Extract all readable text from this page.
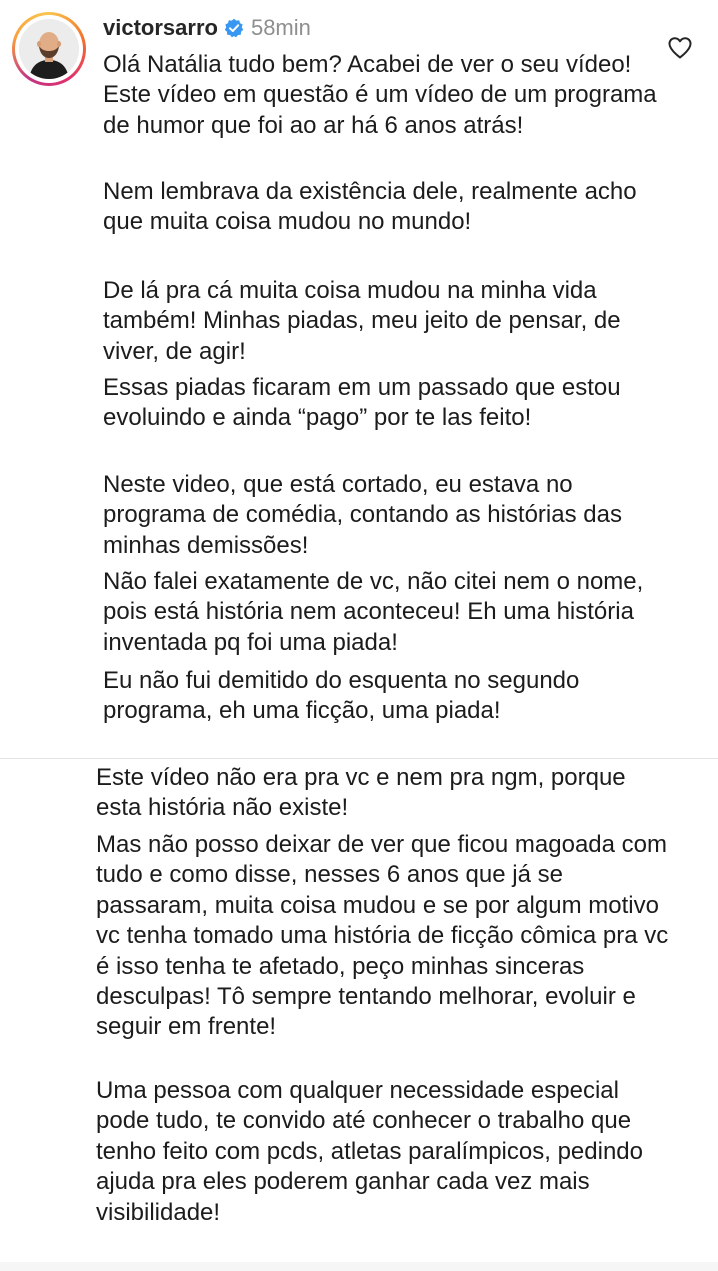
victorsarro 58min

Olá Natália tudo bem? Acabei de ver o seu vídeo! Este vídeo em questão é um vídeo de um programa de humor que foi ao ar há 6 anos atrás!

Nem lembrava da existência dele, realmente acho que muita coisa mudou no mundo!

De lá pra cá muita coisa mudou na minha vida também! Minhas piadas, meu jeito de pensar, de viver, de agir!

Essas piadas ficaram em um passado que estou evoluindo e ainda “pago” por te las feito!

Neste video, que está cortado, eu estava no programa de comédia, contando as histórias das minhas demissões!

Não falei exatamente de vc, não citei nem o nome, pois está história nem aconteceu! Eh uma história inventada pq foi uma piada!

Eu não fui demitido do esquenta no segundo programa, eh uma ficção, uma piada!

Este vídeo não era pra vc e nem pra ngm, porque esta história não existe!

Mas não posso deixar de ver que ficou magoada com tudo e como disse, nesses 6 anos que já se passaram, muita coisa mudou e se por algum motivo vc tenha tomado uma história de ficção cômica pra vc é isso tenha te afetado, peço minhas sinceras desculpas! Tô sempre tentando melhorar, evoluir e seguir em frente!

Uma pessoa com qualquer necessidade especial pode tudo, te convido até conhecer o trabalho que tenho feito com pcds, atletas paralímpicos, pedindo ajuda pra eles poderem ganhar cada vez mais visibilidade!
